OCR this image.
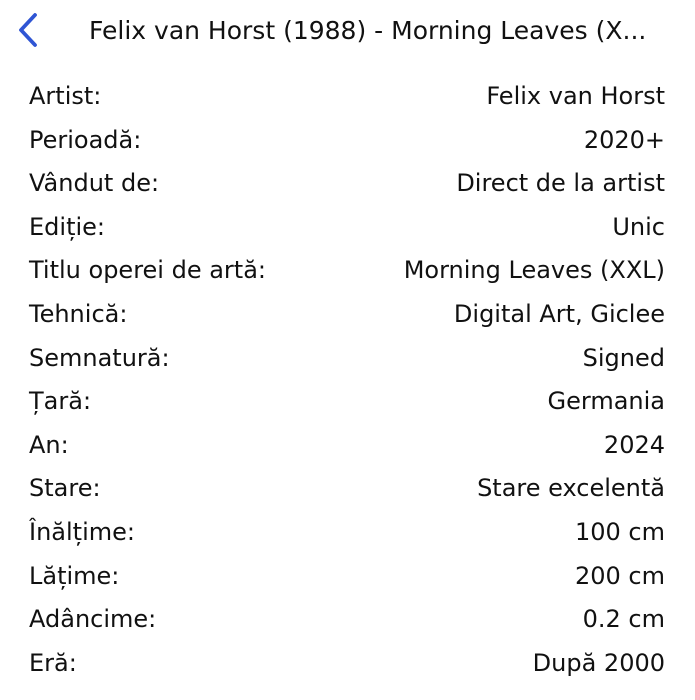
Felix van Horst (1988) - Morning Leaves (X...
Artist:	Felix van Horst
Perioadă:	2020+
Vândut de:	Direct de la artist
Ediție:	Unic
Titlu operei de artă:	Morning Leaves (XXL)
Tehnică:	Digital Art, Giclee
Semnatură:	Signed
Țară:	Germania
An:	2024
Stare:	Stare excelentă
Înălțime:	100 cm
Lățime:	200 cm
Adâncime:	0.2 cm
Eră:	După 2000
